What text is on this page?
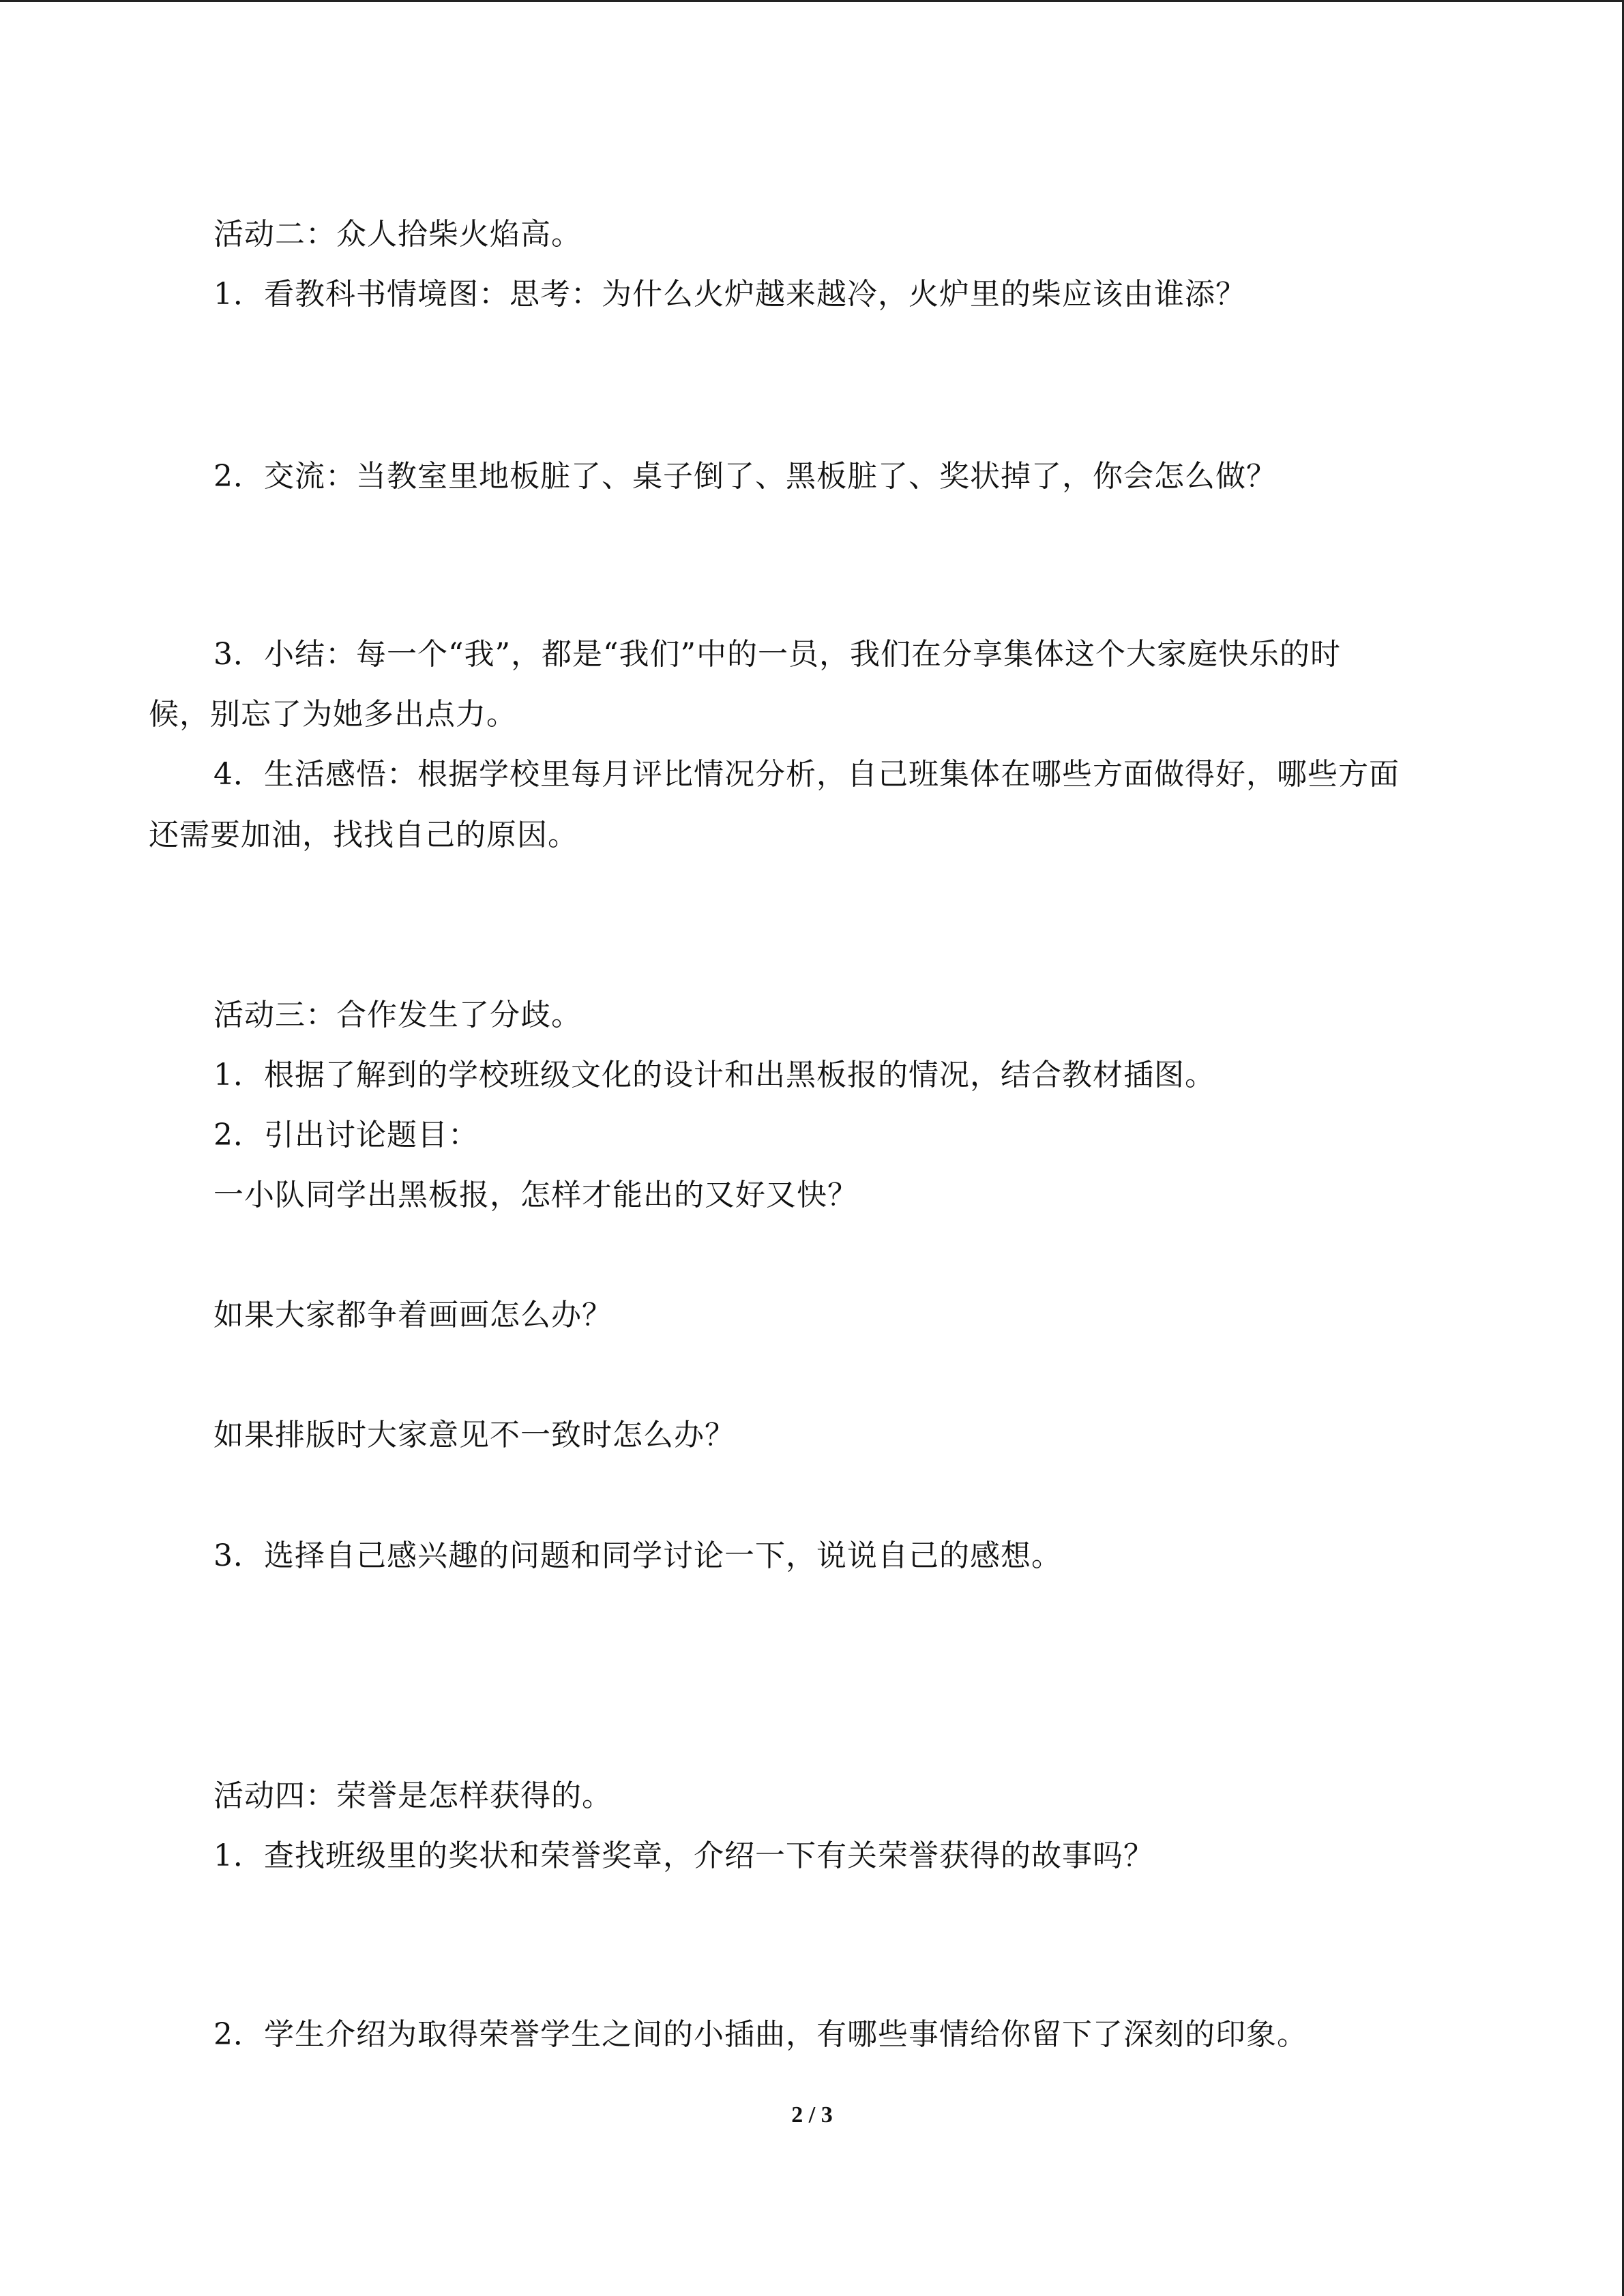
活动二：众人拾柴火焰高。
1．看教科书情境图：思考：为什么火炉越来越冷，火炉里的柴应该由谁添？
2．交流：当教室里地板脏了、桌子倒了、黑板脏了、奖状掉了，你会怎么做？
3．小结：每一个“我”，都是“我们”中的一员，我们在分享集体这个大家庭快乐的时
候，别忘了为她多出点力。
4．生活感悟：根据学校里每月评比情况分析，自己班集体在哪些方面做得好，哪些方面
还需要加油，找找自己的原因。
活动三：合作发生了分歧。
1．根据了解到的学校班级文化的设计和出黑板报的情况，结合教材插图。
2．引出讨论题目：
一小队同学出黑板报，怎样才能出的又好又快？
如果大家都争着画画怎么办？
如果排版时大家意见不一致时怎么办？
3．选择自己感兴趣的问题和同学讨论一下，说说自己的感想。
活动四：荣誉是怎样获得的。
1．查找班级里的奖状和荣誉奖章，介绍一下有关荣誉获得的故事吗？
2．学生介绍为取得荣誉学生之间的小插曲，有哪些事情给你留下了深刻的印象。
2 / 3
